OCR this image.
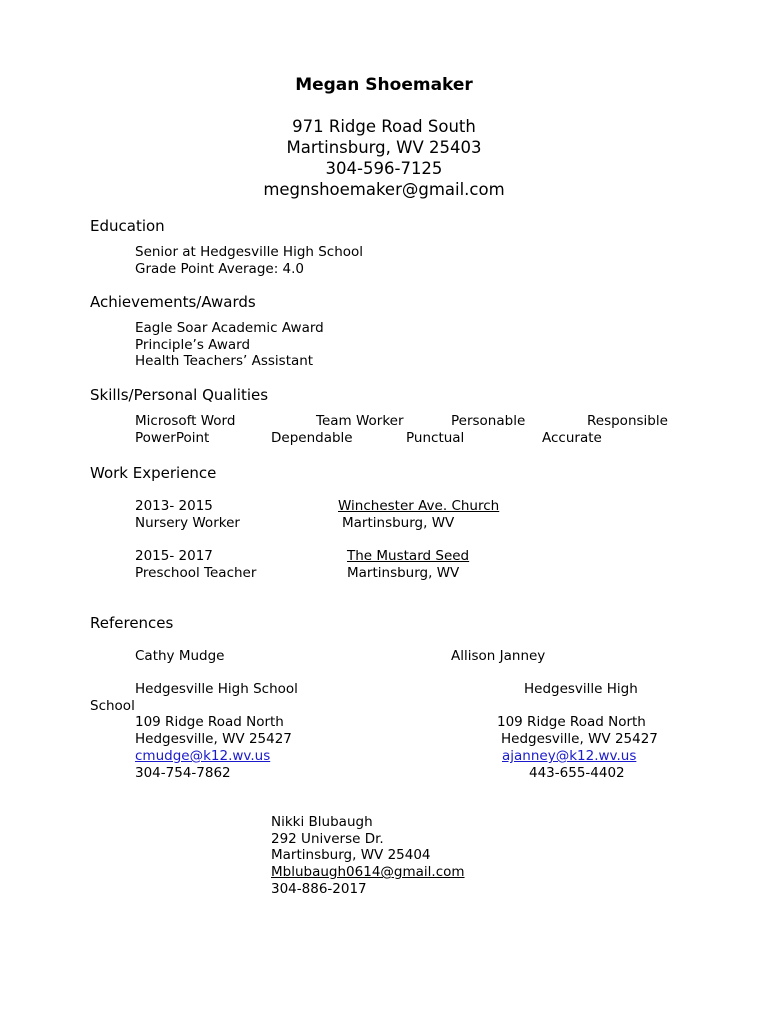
Megan Shoemaker
971 Ridge Road South
Martinsburg, WV 25403
304-596-7125
megnshoemaker@gmail.com
Education
Senior at Hedgesville High School
Grade Point Average: 4.0
Achievements/Awards
Eagle Soar Academic Award
Principle’s Award
Health Teachers’ Assistant
Skills/Personal Qualities
Microsoft Word	Team Worker	Personable	Responsible
PowerPoint	Dependable	Punctual	Accurate
Work Experience
2013- 2015	Winchester Ave. Church
Nursery Worker	Martinsburg, WV
2015- 2017	The Mustard Seed
Preschool Teacher	Martinsburg, WV
References
Cathy Mudge	Allison Janney
Hedgesville High School	Hedgesville High
School
109 Ridge Road North	109 Ridge Road North
Hedgesville, WV 25427	Hedgesville, WV 25427
cmudge@k12.wv.us	ajanney@k12.wv.us
304-754-7862	443-655-4402
Nikki Blubaugh
292 Universe Dr.
Martinsburg, WV 25404
Mblubaugh0614@gmail.com
304-886-2017
